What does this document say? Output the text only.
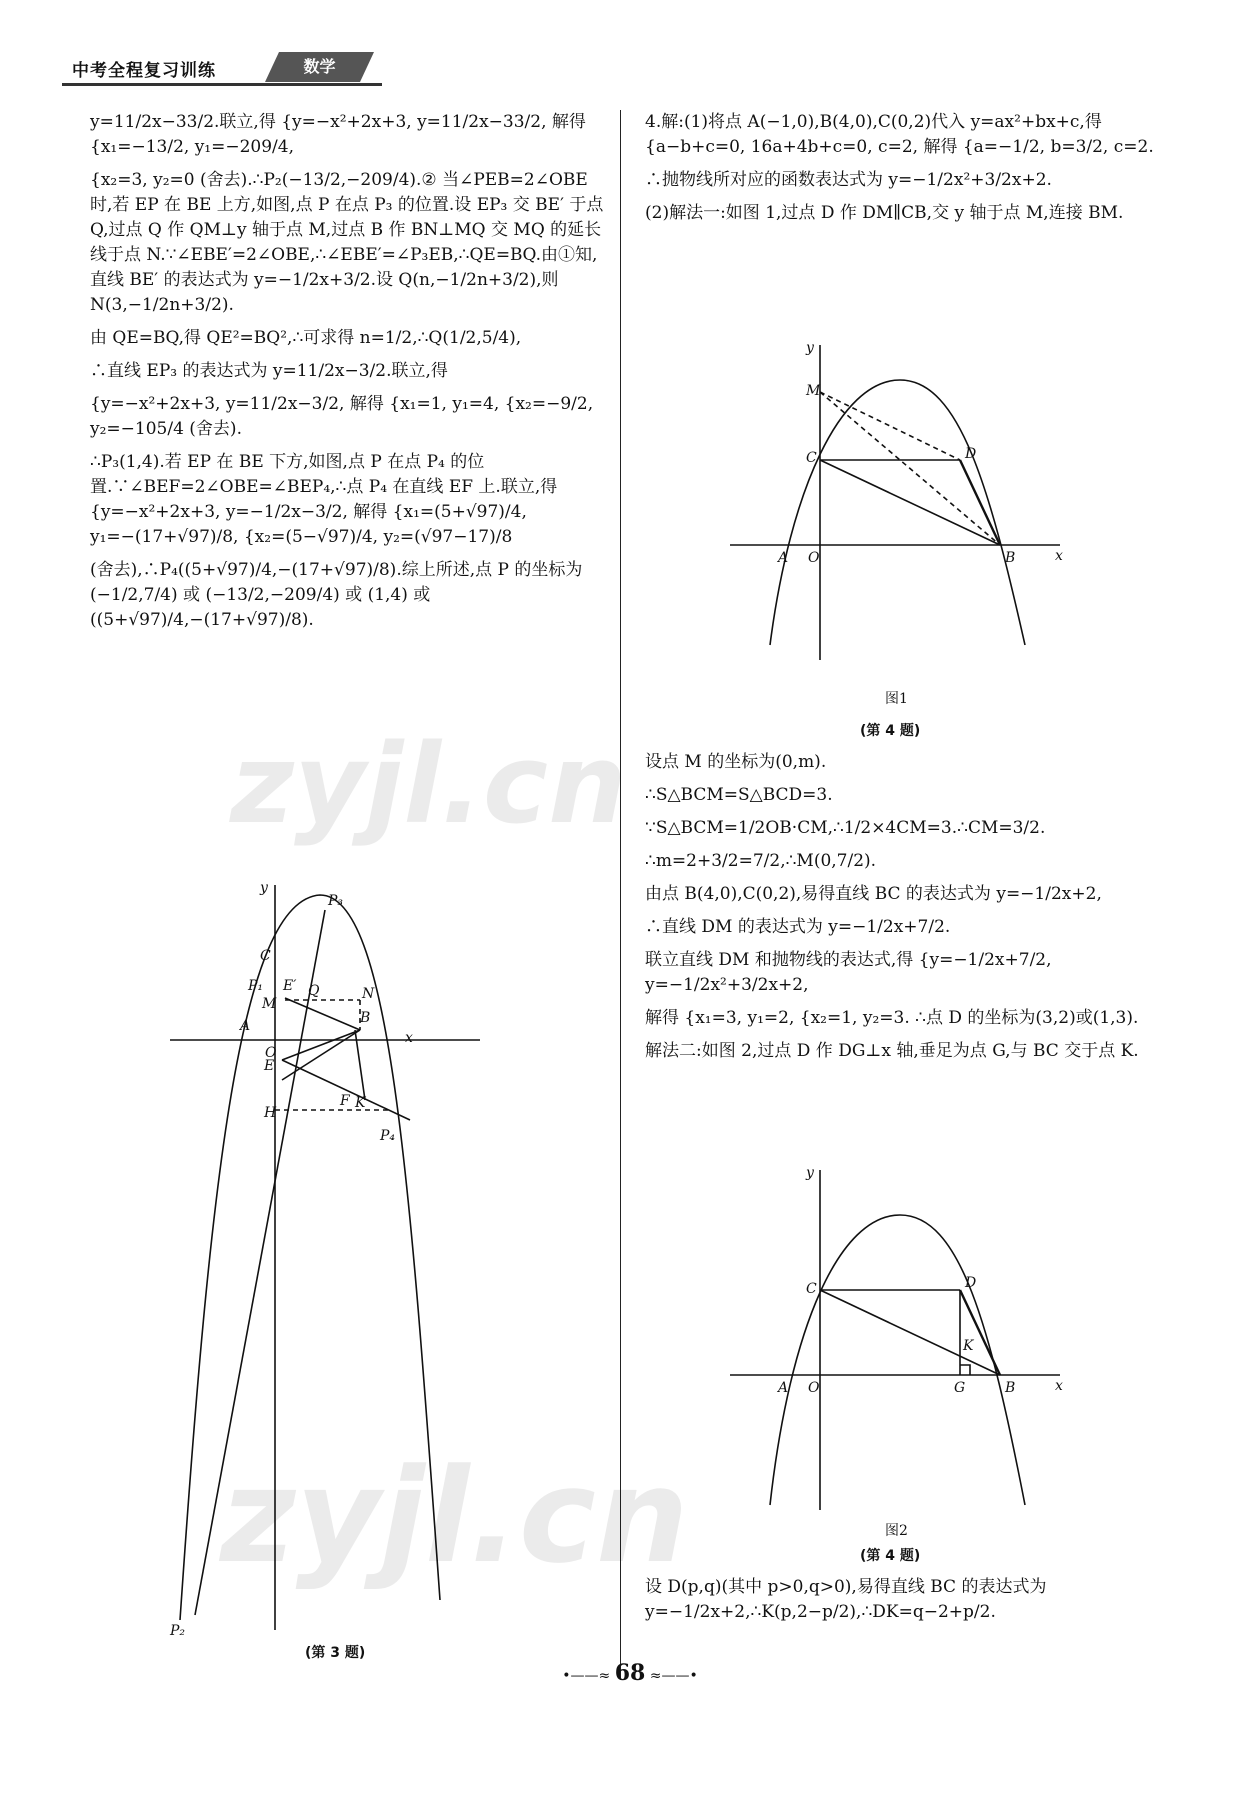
中考全程复习训练	数学

y=11/2x−33/2.联立,得 {y=−x²+2x+3, y=11/2x−33/2, 解得 {x₁=−13/2, y₁=−209/4,

{x₂=3, y₂=0 (舍去).∴P₂(−13/2,−209/4).② 当∠PEB=2∠OBE时,若 EP 在 BE 上方,如图,点 P 在点 P₃ 的位置.设 EP₃ 交 BE′ 于点 Q,过点 Q 作 QM⊥y 轴于点 M,过点 B 作 BN⊥MQ 交 MQ 的延长线于点 N.∵∠EBE′=2∠OBE,∴∠EBE′=∠P₃EB,∴QE=BQ.由①知,直线 BE′ 的表达式为 y=−1/2x+3/2.设 Q(n,−1/2n+3/2),则 N(3,−1/2n+3/2).

由 QE=BQ,得 QE²=BQ²,∴可求得 n=1/2,∴Q(1/2,5/4),

∴直线 EP₃ 的表达式为 y=11/2x−3/2.联立,得

{y=−x²+2x+3, y=11/2x−3/2, 解得 {x₁=1, y₁=4, {x₂=−9/2, y₂=−105/4 (舍去).

∴P₃(1,4).若 EP 在 BE 下方,如图,点 P 在点 P₄ 的位置.∵∠BEF=2∠OBE=∠BEP₄,∴点 P₄ 在直线 EF 上.联立,得 {y=−x²+2x+3, y=−1/2x−3/2, 解得 {x₁=(5+√97)/4, y₁=−(17+√97)/8, {x₂=(5−√97)/4, y₂=(√97−17)/8

(舍去),∴P₄((5+√97)/4,−(17+√97)/8).综上所述,点 P 的坐标为 (−1/2,7/4) 或 (−13/2,−209/4) 或 (1,4) 或 ((5+√97)/4,−(17+√97)/8).

y
P₃
C
P₁ E′ Q	N
M
A	B
O
x
E
F K
H
P₄
P₂
(第 3 题)

4.解:(1)将点 A(−1,0),B(4,0),C(0,2)代入 y=ax²+bx+c,得 {a−b+c=0, 16a+4b+c=0, c=2, 解得 {a=−1/2, b=3/2, c=2.

∴抛物线所对应的函数表达式为 y=−1/2x²+3/2x+2.

(2)解法一:如图 1,过点 D 作 DM∥CB,交 y 轴于点 M,连接 BM.

y
M
C	D
A O	B	x
图1
(第 4 题)

设点 M 的坐标为(0,m).

∴S△BCM=S△BCD=3.

∵S△BCM=1/2OB·CM,∴1/2×4CM=3.∴CM=3/2.

∴m=2+3/2=7/2,∴M(0,7/2).

由点 B(4,0),C(0,2),易得直线 BC 的表达式为 y=−1/2x+2,

∴直线 DM 的表达式为 y=−1/2x+7/2.

联立直线 DM 和抛物线的表达式,得 {y=−1/2x+7/2, y=−1/2x²+3/2x+2,

解得 {x₁=3, y₁=2, {x₂=1, y₂=3. ∴点 D 的坐标为(3,2)或(1,3).

解法二:如图 2,过点 D 作 DG⊥x 轴,垂足为点 G,与 BC 交于点 K.

y
C	D
K
A O	G	B	x
图2
(第 4 题)

设 D(p,q)(其中 p>0,q>0),易得直线 BC 的表达式为 y=−1/2x+2,∴K(p,2−p/2),∴DK=q−2+p/2.

zyjl.cn
zyjl.cn
•——≈ 68 ≈——•
